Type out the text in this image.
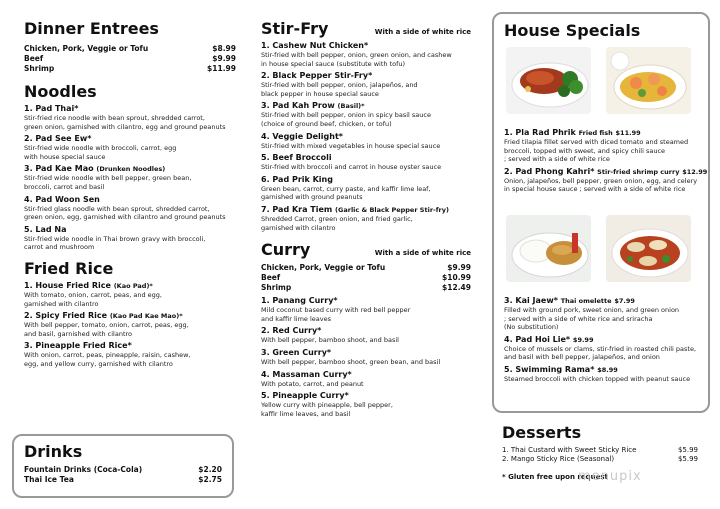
Dinner Entrees
Chicken, Pork, Veggie or Tofu	$8.99
Beef	$9.99
Shrimp	$11.99
Noodles
1. Pad Thai*
Stir-fried rice noodle with bean sprout, shredded carrot,
green onion, garnished with cilantro, egg and ground peanuts
2. Pad See Ew*
Stir-fried wide noodle with broccoli, carrot, egg
with house special sauce
3. Pad Kae Mao (Drunken Noodles)
Stir-fried wide noodle with bell pepper, green bean,
broccoli, carrot and basil
4. Pad Woon Sen
Stir-fried glass noodle with bean sprout, shredded carrot,
green onion, egg, garnished with cilantro and ground peanuts
5. Lad Na
Stir-fried wide noodle in Thai brown gravy with broccoli,
carrot and mushroom
Fried Rice
1. House Fried Rice (Kao Pad)*
With tomato, onion, carrot, peas, and egg,
garnished with cilantro
2. Spicy Fried Rice (Kao Pad Kae Mao)*
With bell pepper, tomato, onion, carrot, peas, egg,
and basil, garnished with cilantro
3. Pineapple Fried Rice*
With onion, carrot, peas, pineapple, raisin, cashew,
egg, and yellow curry, garnished with cilantro
Drinks
Fountain Drinks (Coca-Cola)	$2.20
Thai Ice Tea	$2.75
Stir-Fry	With a side of white rice
1. Cashew Nut Chicken*
Stir-fried with bell pepper, onion, green onion, and cashew
in house special sauce (substitute with tofu)
2. Black Pepper Stir-Fry*
Stir-fried with bell pepper, onion, jalapeños, and
black pepper in house special sauce
3. Pad Kah Prow (Basil)*
Stir-fried with bell pepper, onion in spicy basil sauce
(choice of ground beef, chicken, or tofu)
4. Veggie Delight*
Stir-fried with mixed vegetables in house special sauce
5. Beef Broccoli
Stir-fried with broccoli and carrot in house oyster sauce
6. Pad Prik King
Green bean, carrot, curry paste, and kaffir lime leaf,
garnished with ground peanuts
7. Pad Kra Tiem (Garlic & Black Pepper Stir-fry)
Shredded Carrot, green onion, and fried garlic,
garnished with cilantro
Curry	With a side of white rice
Chicken, Pork, Veggie or Tofu	$9.99
Beef	$10.99
Shrimp	$12.49
1. Panang Curry*
Mild coconut based curry with red bell pepper
and kaffir lime leaves
2. Red Curry*
With bell pepper, bamboo shoot, and basil
3. Green Curry*
With bell pepper, bamboo shoot, green bean, and basil
4. Massaman Curry*
With potato, carrot, and peanut
5. Pineapple Curry*
Yellow curry with pineapple, bell pepper,
kaffir lime leaves, and basil
House Specials
1. Pla Rad Phrik Fried fish $11.99
Fried tilapia fillet served with diced tomato and steamed
broccoli, topped with sweet, and spicy chili sauce
; served with a side of white rice
2. Pad Phong Kahri* Stir-fried shrimp curry $12.99
Onion, jalapeños, bell pepper, green onion, egg, and celery
in special house sauce ; served with a side of white rice
3. Kai Jaew* Thai omelette $7.99
Filled with ground pork, sweet onion, and green onion
; served with a side of white rice and sriracha
(No substitution)
4. Pad Hoi Lie* $9.99
Choice of mussels or clams, stir-fried in roasted chili paste,
and basil with bell pepper, jalapeños, and onion
5. Swimming Rama* $8.99
Steamed broccoli with chicken topped with peanut sauce
Desserts
1. Thai Custard with Sweet Sticky Rice	$5.99
2. Mango Sticky Rice (Seasonal)	$5.99
* Gluten free upon request
menupix
